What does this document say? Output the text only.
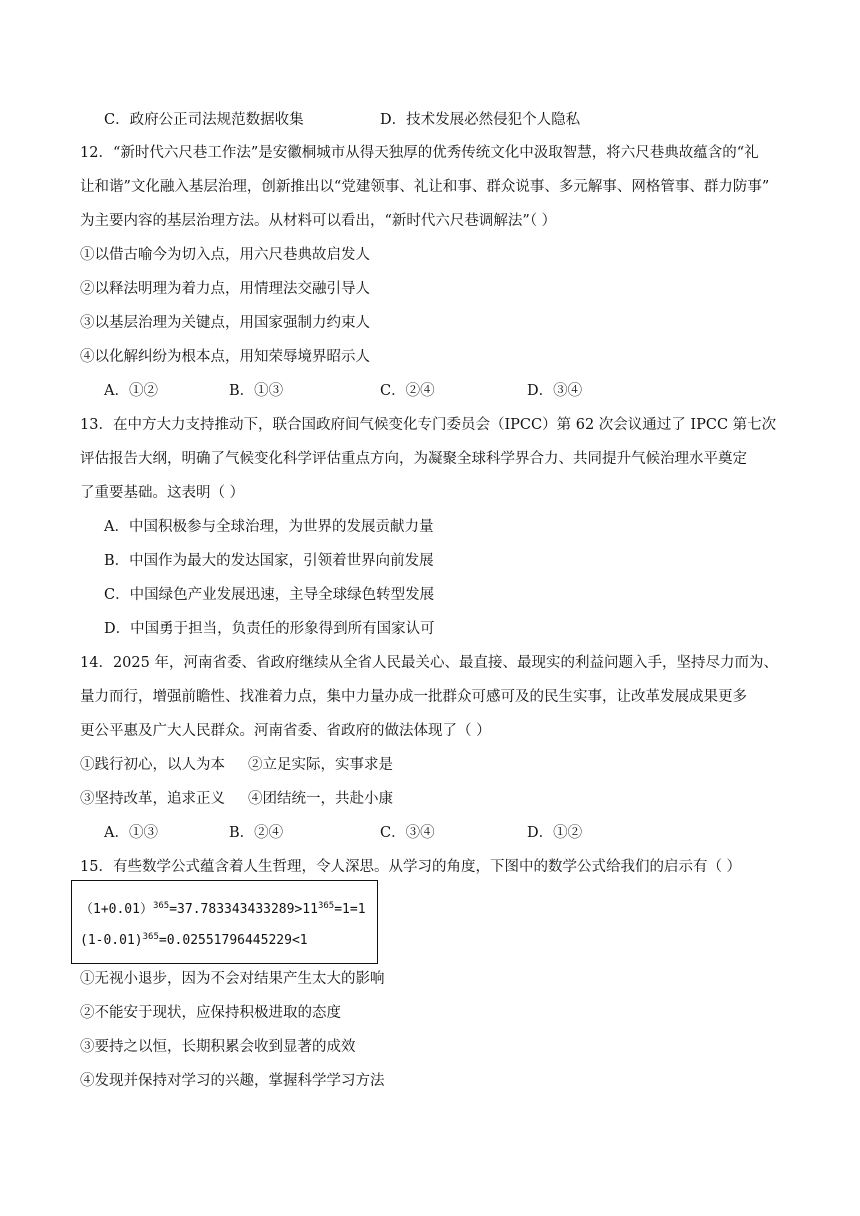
C．政府公正司法规范数据收集	D．技术发展必然侵犯个人隐私
12．“新时代六尺巷工作法”是安徽桐城市从得天独厚的优秀传统文化中汲取智慧，将六尺巷典故蕴含的“礼
让和谐”文化融入基层治理，创新推出以“党建领事、礼让和事、群众说事、多元解事、网格管事、群力防事”
为主要内容的基层治理方法。从材料可以看出，“新时代六尺巷调解法”（ ）
①以借古喻今为切入点，用六尺巷典故启发人
②以释法明理为着力点，用情理法交融引导人
③以基层治理为关键点，用国家强制力约束人
④以化解纠纷为根本点，用知荣辱境界昭示人
A．①②	B．①③	C．②④	D．③④
13．在中方大力支持推动下，联合国政府间气候变化专门委员会（IPCC）第 62 次会议通过了 IPCC 第七次
评估报告大纲，明确了气候变化科学评估重点方向，为凝聚全球科学界合力、共同提升气候治理水平奠定
了重要基础。这表明（ ）
A．中国积极参与全球治理，为世界的发展贡献力量
B．中国作为最大的发达国家，引领着世界向前发展
C．中国绿色产业发展迅速，主导全球绿色转型发展
D．中国勇于担当，负责任的形象得到所有国家认可
14．2025 年，河南省委、省政府继续从全省人民最关心、最直接、最现实的利益问题入手，坚持尽力而为、
量力而行，增强前瞻性、找准着力点，集中力量办成一批群众可感可及的民生实事，让改革发展成果更多
更公平惠及广大人民群众。河南省委、省政府的做法体现了（ ）
①践行初心，以人为本     ②立足实际，实事求是
③坚持改革，追求正义     ④团结统一，共赴小康
A．①③	B．②④	C．③④	D．①②
15．有些数学公式蕴含着人生哲理，令人深思。从学习的角度，下图中的数学公式给我们的启示有（ ）
$(1+0.01)^{365}=37.783343433289>11^{365}=1=1$
$(1-0.01)^{365}=0.02551796445229<1$
①无视小退步，因为不会对结果产生太大的影响
②不能安于现状，应保持积极进取的态度
③要持之以恒，长期积累会收到显著的成效
④发现并保持对学习的兴趣，掌握科学学习方法
